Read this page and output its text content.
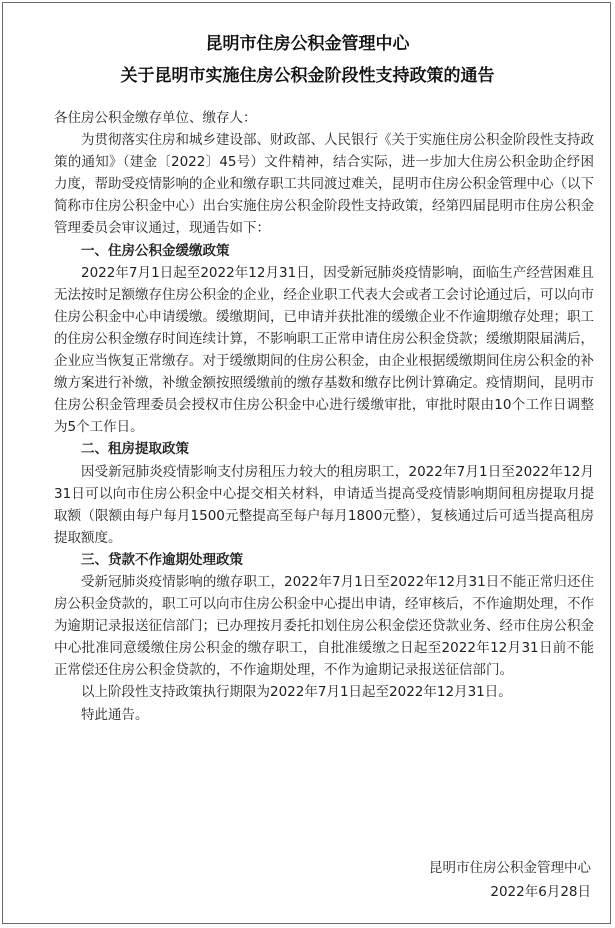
昆明市住房公积金管理中心
关于昆明市实施住房公积金阶段性支持政策的通告

各住房公积金缴存单位、缴存人：

为贯彻落实住房和城乡建设部、财政部、人民银行《关于实施住房公积金阶段性支持政策的通知》（建金〔2022〕45号）文件精神，结合实际，进一步加大住房公积金助企纾困力度，帮助受疫情影响的企业和缴存职工共同渡过难关，昆明市住房公积金管理中心（以下简称市住房公积金中心）出台实施住房公积金阶段性支持政策，经第四届昆明市住房公积金管理委员会审议通过，现通告如下：

一、住房公积金缓缴政策

2022年7月1日起至2022年12月31日，因受新冠肺炎疫情影响，面临生产经营困难且无法按时足额缴存住房公积金的企业，经企业职工代表大会或者工会讨论通过后，可以向市住房公积金中心申请缓缴。缓缴期间，已申请并获批准的缓缴企业不作逾期缴存处理；职工的住房公积金缴存时间连续计算，不影响职工正常申请住房公积金贷款；缓缴期限届满后，企业应当恢复正常缴存。对于缓缴期间的住房公积金，由企业根据缓缴期间住房公积金的补缴方案进行补缴，补缴金额按照缓缴前的缴存基数和缴存比例计算确定。疫情期间，昆明市住房公积金管理委员会授权市住房公积金中心进行缓缴审批，审批时限由10个工作日调整为5个工作日。

二、租房提取政策

因受新冠肺炎疫情影响支付房租压力较大的租房职工，2022年7月1日至2022年12月31日可以向市住房公积金中心提交相关材料，申请适当提高受疫情影响期间租房提取月提取额（限额由每户每月1500元整提高至每户每月1800元整），复核通过后可适当提高租房提取额度。

三、贷款不作逾期处理政策

受新冠肺炎疫情影响的缴存职工，2022年7月1日至2022年12月31日不能正常归还住房公积金贷款的，职工可以向市住房公积金中心提出申请，经审核后，不作逾期处理，不作为逾期记录报送征信部门；已办理按月委托扣划住房公积金偿还贷款业务、经市住房公积金中心批准同意缓缴住房公积金的缴存职工，自批准缓缴之日起至2022年12月31日前不能正常偿还住房公积金贷款的，不作逾期处理，不作为逾期记录报送征信部门。

以上阶段性支持政策执行期限为2022年7月1日起至2022年12月31日。

特此通告。

昆明市住房公积金管理中心
2022年6月28日
